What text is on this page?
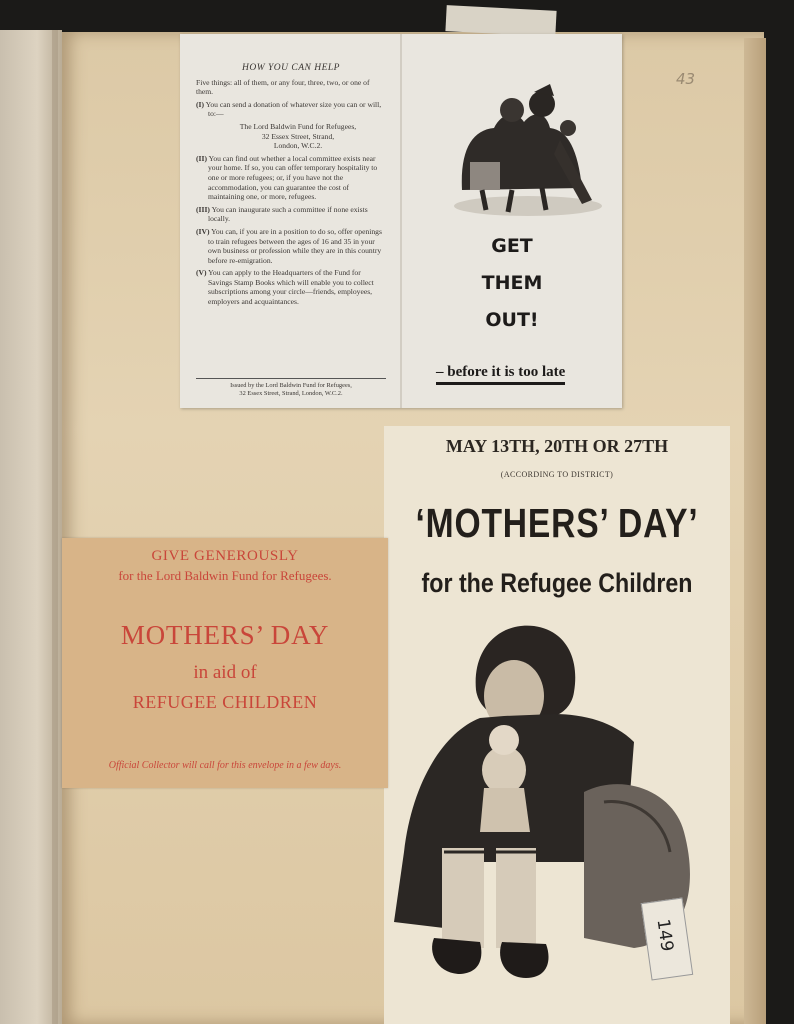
43
HOW YOU CAN HELP

Five things: all of them, or any four, three, two, or one of them.

(I) You can send a donation of whatever size you can or will, to:—

The Lord Baldwin Fund for Refugees,
32 Essex Street, Strand,
London, W.C.2.

(II) You can find out whether a local committee exists near your home. If so, you can offer temporary hospitality to one or more refugees; or, if you have not the accommodation, you can guarantee the cost of maintaining one, or more, refugees.

(III) You can inaugurate such a committee if none exists locally.

(IV) You can, if you are in a position to do so, offer openings to train refugees between the ages of 16 and 35 in your own business or profession while they are in this country before re-emigration.

(V) You can apply to the Headquarters of the Fund for Savings Stamp Books which will enable you to collect subscriptions among your circle—friends, employees, employers and acquaintances.

Issued by the Lord Baldwin Fund for Refugees,
32 Essex Street, Strand, London, W.C.2.
GET
THEM
OUT!
– before it is too late
MAY 13TH, 20TH OR 27TH
(ACCORDING TO DISTRICT)
‘MOTHERS’ DAY’
for the Refugee Children
GIVE GENEROUSLY
for the Lord Baldwin Fund for Refugees.
MOTHERS’ DAY
in aid of
REFUGEE CHILDREN
Official Collector will call for this envelope in a few days.
149
